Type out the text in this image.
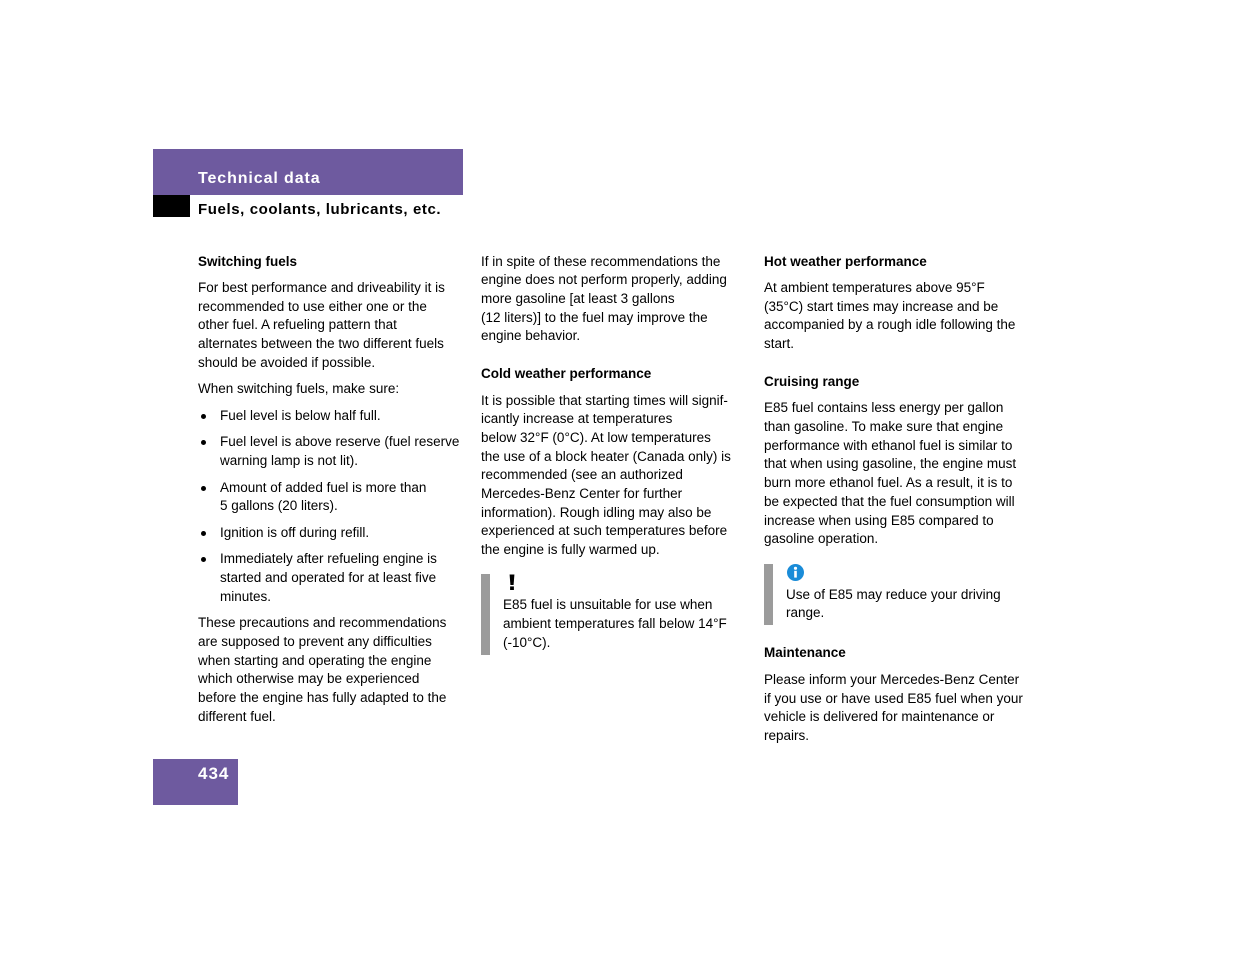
Technical data
Fuels, coolants, lubricants, etc.
Switching fuels
For best performance and driveability it is
recommended to use either one or the
other fuel. A refueling pattern that
alternates between the two different fuels
should be avoided if possible.
When switching fuels, make sure:
Fuel level is below half full.
Fuel level is above reserve (fuel reserve
warning lamp is not lit).
Amount of added fuel is more than
5 gallons (20 liters).
Ignition is off during refill.
Immediately after refueling engine is
started and operated for at least five
minutes.
These precautions and recommendations
are supposed to prevent any difficulties
when starting and operating the engine
which otherwise may be experienced
before the engine has fully adapted to the
different fuel.
If in spite of these recommendations the
engine does not perform properly, adding
more gasoline [at least 3 gallons
(12 liters)] to the fuel may improve the
engine behavior.
Cold weather performance
It is possible that starting times will signif-
icantly increase at temperatures
below 32°F (0°C). At low temperatures
the use of a block heater (Canada only) is
recommended (see an authorized
Mercedes-Benz Center for further
information). Rough idling may also be
experienced at such temperatures before
the engine is fully warmed up.
E85 fuel is unsuitable for use when
ambient temperatures fall below 14°F
(-10°C).
Hot weather performance
At ambient temperatures above 95°F
(35°C) start times may increase and be
accompanied by a rough idle following the
start.
Cruising range
E85 fuel contains less energy per gallon
than gasoline. To make sure that engine
performance with ethanol fuel is similar to
that when using gasoline, the engine must
burn more ethanol fuel. As a result, it is to
be expected that the fuel consumption will
increase when using E85 compared to
gasoline operation.
Use of E85 may reduce your driving
range.
Maintenance
Please inform your Mercedes-Benz Center
if you use or have used E85 fuel when your
vehicle is delivered for maintenance or
repairs.
434
